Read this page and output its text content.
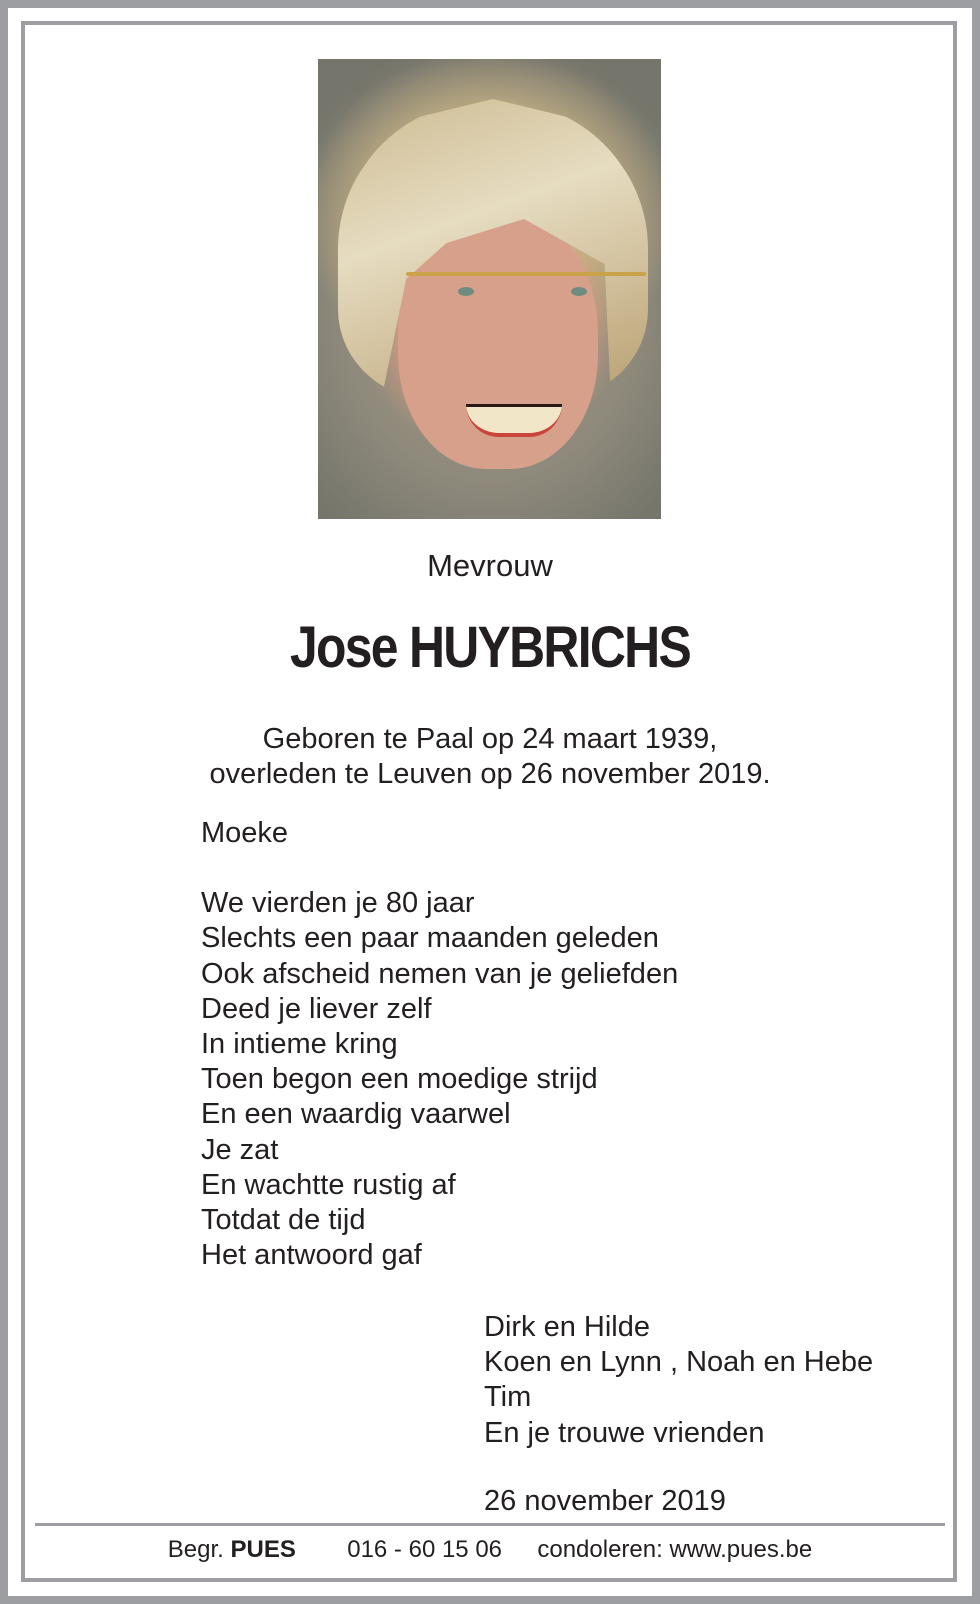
Mevrouw
Jose HUYBRICHS
Geboren te Paal op 24 maart 1939,
overleden te Leuven op 26 november 2019.
Moeke
We vierden je 80 jaar
Slechts een paar maanden geleden
Ook afscheid nemen van je geliefden
Deed je liever zelf
In intieme kring
Toen begon een moedige strijd
En een waardig vaarwel
Je zat
En wachtte rustig af
Totdat de tijd
Het antwoord gaf
Dirk en Hilde
Koen en Lynn , Noah en Hebe
Tim
En je trouwe vrienden
26 november 2019
Begr. PUES 016 - 60 15 06 condoleren: www.pues.be
